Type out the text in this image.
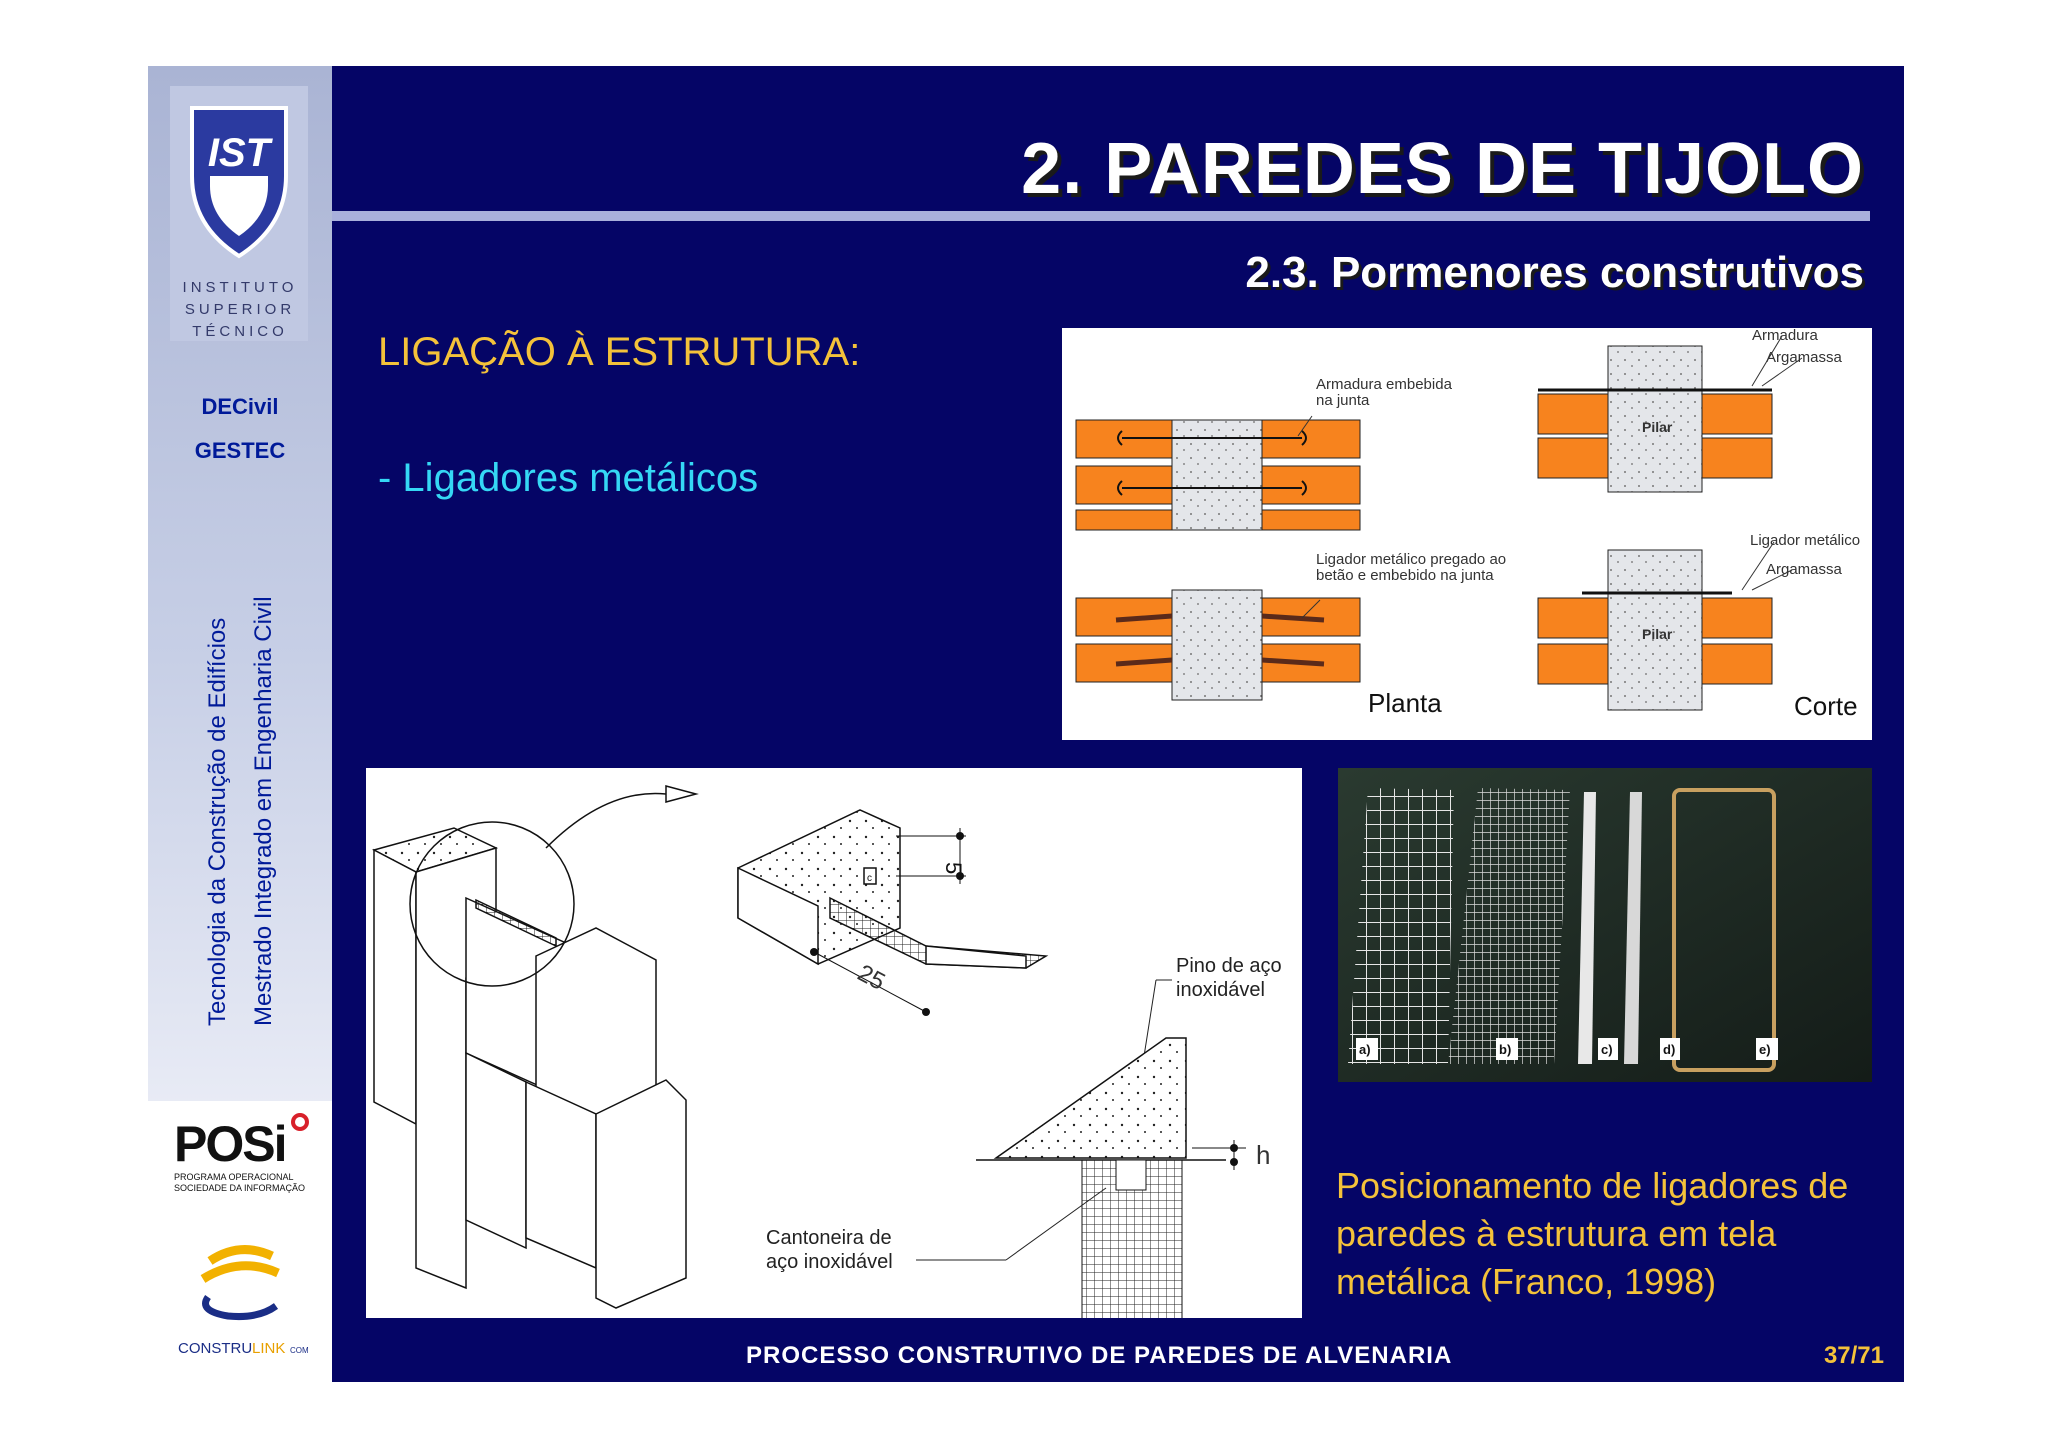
IST
INSTITUTO
SUPERIOR
TÉCNICO
DECivil
GESTEC
Tecnologia da Construção de Edifícios Mestrado Integrado em Engenharia Civil
POSi
PROGRAMA OPERACIONAL
SOCIEDADE DA INFORMAÇÃO
CONSTRU LINK COM
2. PAREDES DE TIJOLO
2.3. Pormenores construtivos
LIGAÇÃO À ESTRUTURA:
- Ligadores metálicos
Armadura embebida
na junta
Ligador metálico pregado ao
betão e embebido na junta
Planta
Pilar
Armadura
Argamassa
Pilar
Ligador metálico
Argamassa
Corte
c
5
25	Pino de aço
inoxidável
h
Cantoneira de
aço inoxidável
a)	b)	c)	d)	e)
Posicionamento de ligadores de paredes à estrutura em tela metálica (Franco, 1998)
PROCESSO CONSTRUTIVO DE PAREDES DE ALVENARIA	37/71
